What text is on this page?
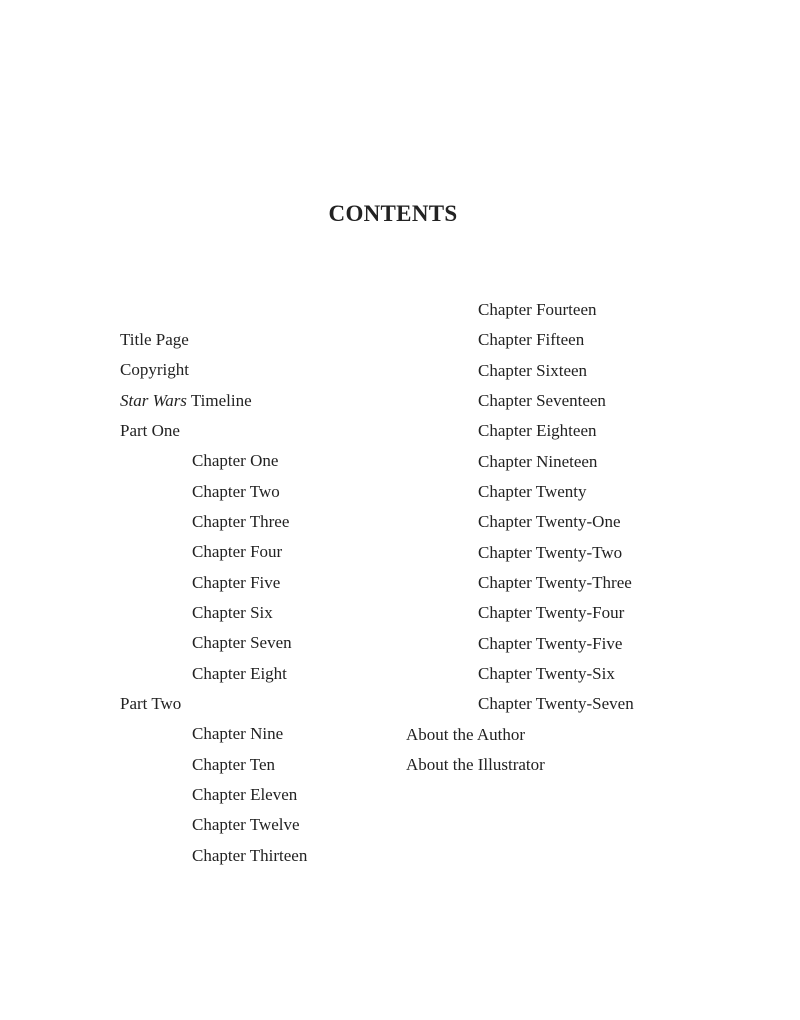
CONTENTS
Title Page
Copyright
Star Wars Timeline
Part One
Chapter One
Chapter Two
Chapter Three
Chapter Four
Chapter Five
Chapter Six
Chapter Seven
Chapter Eight
Part Two
Chapter Nine
Chapter Ten
Chapter Eleven
Chapter Twelve
Chapter Thirteen
Chapter Fourteen
Chapter Fifteen
Chapter Sixteen
Chapter Seventeen
Chapter Eighteen
Chapter Nineteen
Chapter Twenty
Chapter Twenty-One
Chapter Twenty-Two
Chapter Twenty-Three
Chapter Twenty-Four
Chapter Twenty-Five
Chapter Twenty-Six
Chapter Twenty-Seven
About the Author
About the Illustrator
